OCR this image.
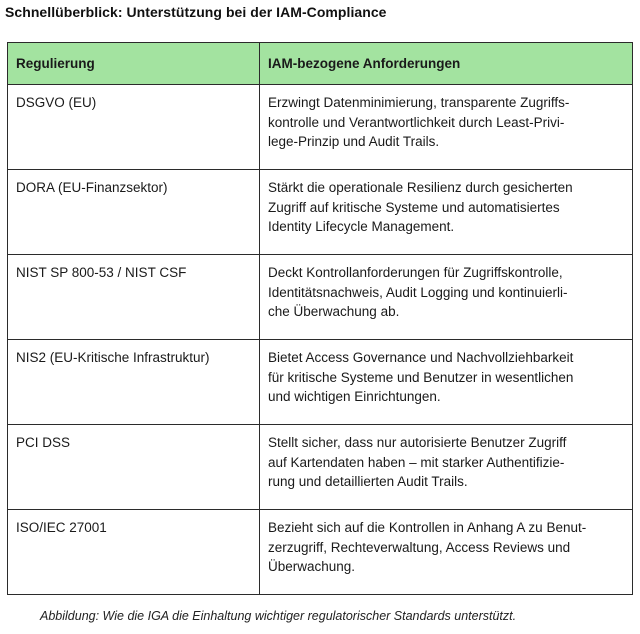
Schnellüberblick: Unterstützung bei der IAM-Compliance
Regulierung	IAM-bezogene Anforderungen
DSGVO (EU)	Erzwingt Datenminimierung, transparente Zugriffs-
kontrolle und Verantwortlichkeit durch Least-Privi-
lege-Prinzip und Audit Trails.

DORA (EU-Finanzsektor)	Stärkt die operationale Resilienz durch gesicherten
Zugriff auf kritische Systeme und automatisiertes
Identity Lifecycle Management.

NIST SP 800-53 / NIST CSF	Deckt Kontrollanforderungen für Zugriffskontrolle,
Identitätsnachweis, Audit Logging und kontinuierli-
che Überwachung ab.

NIS2 (EU-Kritische Infrastruktur)	Bietet Access Governance und Nachvollziehbarkeit
für kritische Systeme und Benutzer in wesentlichen
und wichtigen Einrichtungen.

PCI DSS	Stellt sicher, dass nur autorisierte Benutzer Zugriff
auf Kartendaten haben – mit starker Authentifizie-
rung und detaillierten Audit Trails.

ISO/IEC 27001	Bezieht sich auf die Kontrollen in Anhang A zu Benut-
zerzugriff, Rechteverwaltung, Access Reviews und
Überwachung.
Abbildung: Wie die IGA die Einhaltung wichtiger regulatorischer Standards unterstützt.
